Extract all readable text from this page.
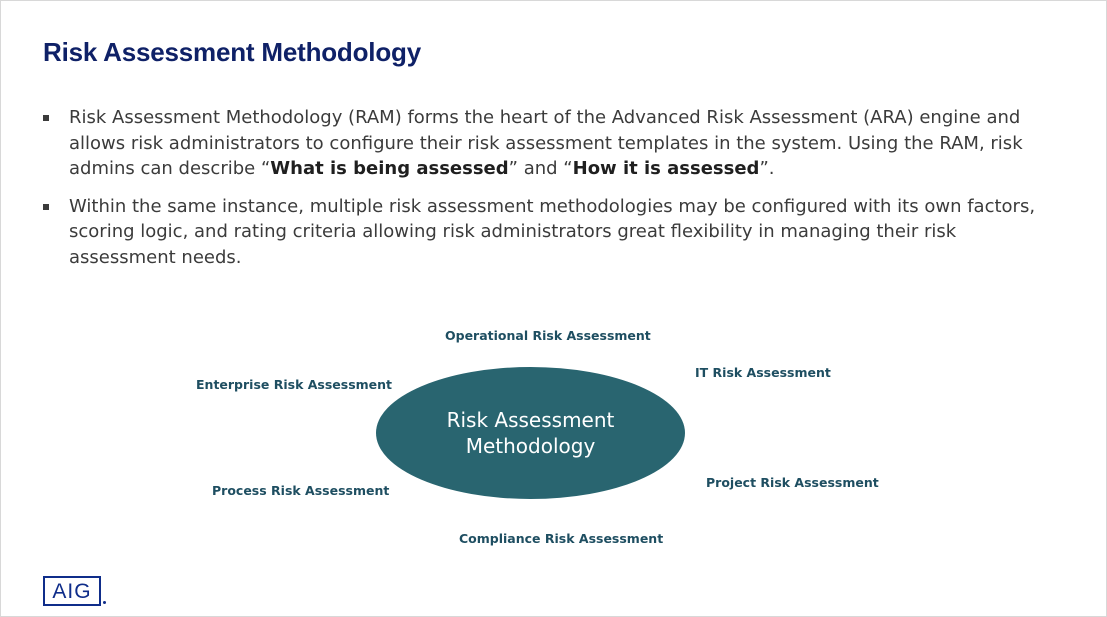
Risk Assessment Methodology
Risk Assessment Methodology (RAM) forms the heart of the Advanced Risk Assessment (ARA) engine and allows risk administrators to configure their risk assessment templates in the system. Using the RAM, risk admins can describe “What is being assessed” and “How it is assessed”.
Within the same instance, multiple risk assessment methodologies may be configured with its own factors, scoring logic, and rating criteria allowing risk administrators great flexibility in managing their risk assessment needs.
Risk Assessment
Methodology
Operational Risk Assessment
IT Risk Assessment
Enterprise Risk Assessment
Project Risk Assessment
Process Risk Assessment
Compliance Risk Assessment
AIG
